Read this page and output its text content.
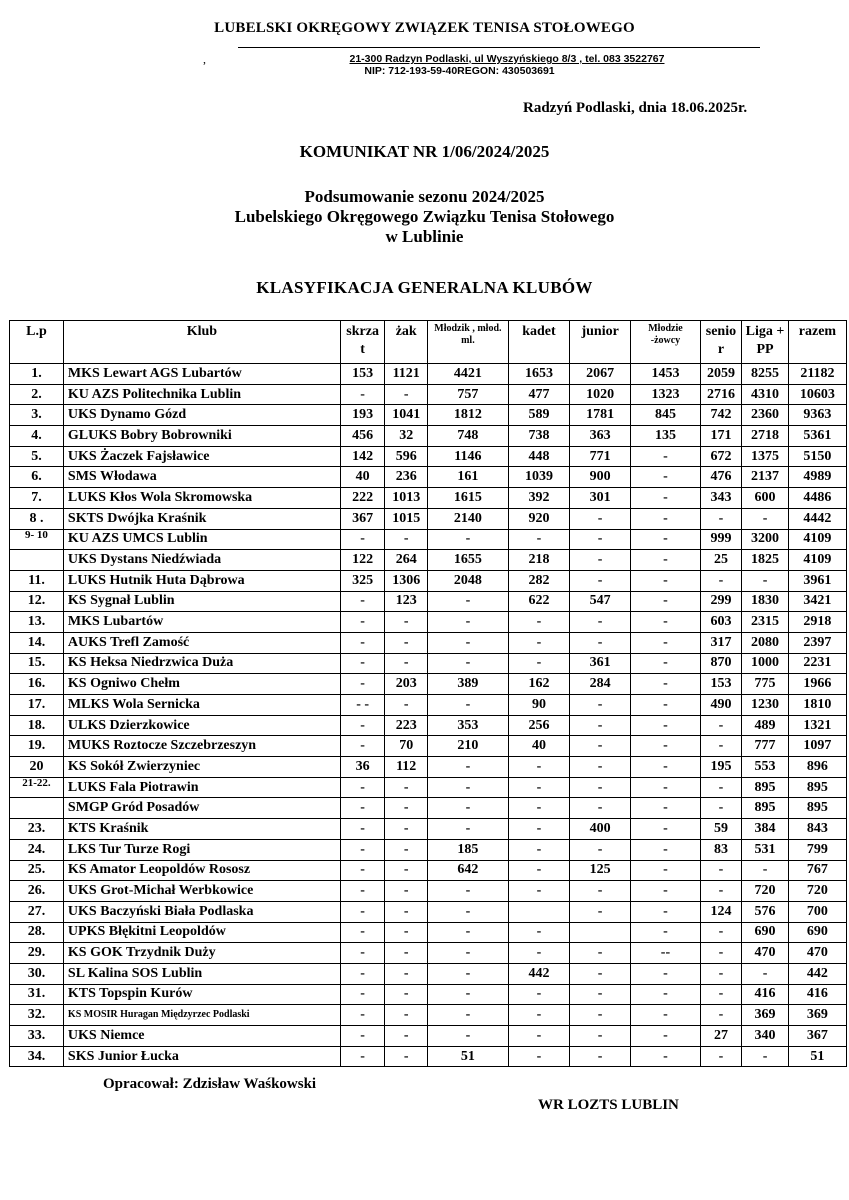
LUBELSKI OKRĘGOWY ZWIĄZEK TENISA STOŁOWEGO
,	21-300 Radzyn Podlaski, ul Wyszyńskiego 8/3 , tel. 083 3522767
NIP: 712-193-59-40REGON: 430503691
Radzyń Podlaski, dnia 18.06.2025r.
KOMUNIKAT NR 1/06/2024/2025
Podsumowanie sezonu 2024/2025
Lubelskiego Okręgowego Związku Tenisa Stołowego
w Lublinie
KLASYFIKACJA GENERALNA KLUBÓW
L.p	Klub	skrza t	żak	Młodzik , młod. ml.	kadet	junior	Młodzie -żowcy	senio r	Liga + PP	razem
1.	MKS Lewart AGS Lubartów	153	1121	4421	1653	2067	1453	2059	8255	21182
2.	KU AZS Politechnika Lublin	-	-	757	477	1020	1323	2716	4310	10603
3.	UKS Dynamo Gózd	193	1041	1812	589	1781	845	742	2360	9363
4.	GLUKS Bobry Bobrowniki	456	32	748	738	363	135	171	2718	5361
5.	UKS Żaczek Fajsławice	142	596	1146	448	771	-	672	1375	5150
6.	SMS Włodawa	40	236	161	1039	900	-	476	2137	4989
7.	LUKS Kłos Wola Skromowska	222	1013	1615	392	301	-	343	600	4486
8 .	SKTS Dwójka Kraśnik	367	1015	2140	920	-	-	-	-	4442
9- 10	KU AZS UMCS Lublin	-	-	-	-	-	-	999	3200	4109
	UKS Dystans Niedźwiada	122	264	1655	218	-	-	25	1825	4109
11.	LUKS Hutnik Huta Dąbrowa	325	1306	2048	282	-	-	-	-	3961
12.	KS Sygnał Lublin	-	123	-	622	547	-	299	1830	3421
13.	MKS Lubartów	-	-	-	-	-	-	603	2315	2918
14.	AUKS Trefl Zamość	-	-	-	-	-	-	317	2080	2397
15.	KS Heksa Niedrzwica Duża	-	-	-	-	361	-	870	1000	2231
16.	KS Ogniwo Chełm	-	203	389	162	284	-	153	775	1966
17.	MLKS Wola Sernicka	- -	-	-	90	-	-	490	1230	1810
18.	ULKS Dzierzkowice	-	223	353	256	-	-	-	489	1321
19.	MUKS Roztocze Szczebrzeszyn	-	70	210	40	-	-	-	777	1097
20	KS Sokół Zwierzyniec	36	112	-	-	-	-	195	553	896
21-22.	LUKS Fala Piotrawin	-	-	-	-	-	-	-	895	895
	SMGP Gród Posadów	-	-	-	-	-	-	-	895	895
23.	KTS Kraśnik	-	-	-	-	400	-	59	384	843
24.	LKS Tur Turze Rogi	-	-	185	-	-	-	83	531	799
25.	KS Amator Leopoldów Rososz	-	-	642	-	125	-	-	-	767
26.	UKS Grot-Michał Werbkowice	-	-	-	-	-	-	-	720	720
27.	UKS Baczyński Biała Podlaska	-	-	-		-	-	124	576	700
28.	UPKS Błękitni Leopoldów	-	-	-	-		-	-	690	690
29.	KS GOK Trzydnik Duży	-	-	-	-	-	--	-	470	470
30.	SL Kalina SOS Lublin	-	-	-	442	-	-	-	-	442
31.	KTS Topspin Kurów	-	-	-	-	-	-	-	416	416
32.	KS MOSIR Huragan Międzyrzec Podlaski	-	-	-	-	-	-	-	369	369
33.	UKS Niemce	-	-	-	-	-	-	27	340	367
34.	SKS Junior Łucka	-	-	51	-	-	-	-	-	51
Opracował: Zdzisław Waśkowski
WR LOZTS LUBLIN
